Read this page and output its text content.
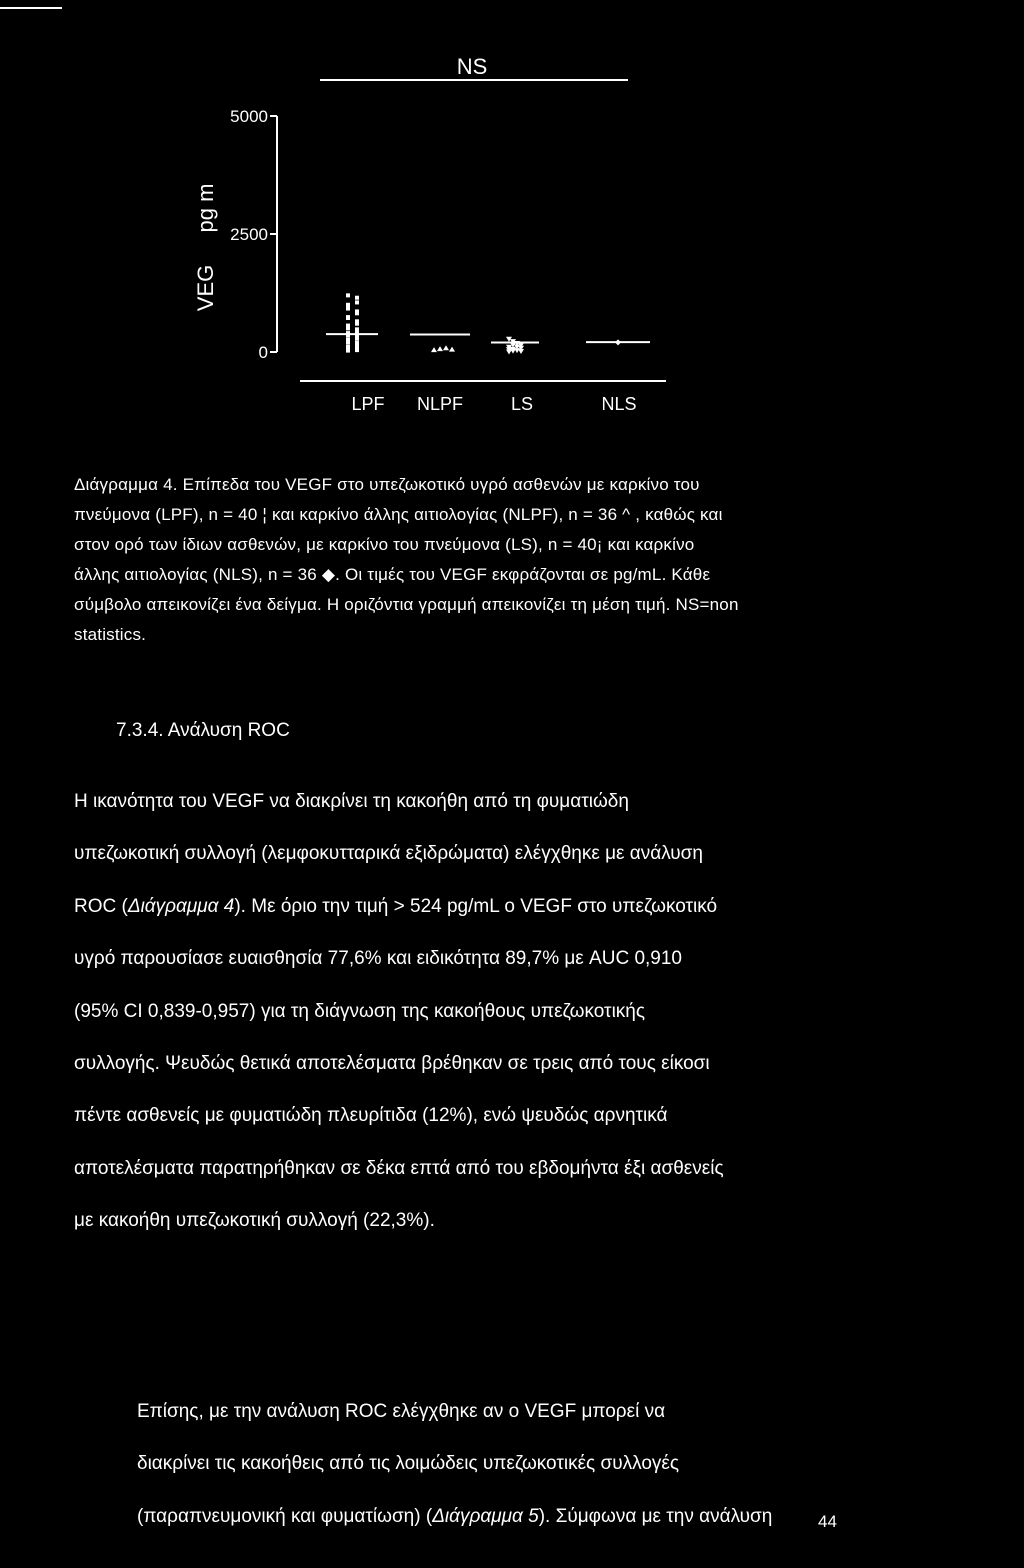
NS
5000
2500
0
VEG
pg m
LPF NLPF	LS	NLS

Διάγραμμα 4. Επίπεδα του VEGF στο υπεζωκοτικό υγρό ασθενών με καρκίνο του

πνεύμονα (LPF), n = 40 ¦ και καρκίνο άλλης αιτιολογίας (NLPF), n = 36 ^ , καθώς και

στον ορό των ίδιων ασθενών, με καρκίνο του πνεύμονα (LS), n = 40¡ και καρκίνο

άλλης αιτιολογίας (NLS), n = 36 ◆. Οι τιμές του VEGF εκφράζονται σε pg/mL. Κάθε

σύμβολο απεικονίζει ένα δείγμα. Η οριζόντια γραμμή απεικονίζει τη μέση τιμή. NS=non

statistics.

7.3.4. Ανάλυση ROC

Η ικανότητα του VEGF να διακρίνει τη κακοήθη από τη φυματιώδη

υπεζωκοτική συλλογή (λεμφοκυτταρικά εξιδρώματα) ελέγχθηκε με ανάλυση

ROC (Διάγραμμα 4). Με όριο την τιμή > 524 pg/mL ο VEGF στο υπεζωκοτικό

υγρό παρουσίασε ευαισθησία 77,6% και ειδικότητα 89,7% με AUC 0,910

(95% CI 0,839-0,957) για τη διάγνωση της κακοήθους υπεζωκοτικής

συλλογής. Ψευδώς θετικά αποτελέσματα βρέθηκαν σε τρεις από τους είκοσι

πέντε ασθενείς με φυματιώδη πλευρίτιδα (12%), ενώ ψευδώς αρνητικά

αποτελέσματα παρατηρήθηκαν σε δέκα επτά από του εβδομήντα έξι ασθενείς

με κακοήθη υπεζωκοτική συλλογή (22,3%).

Επίσης, με την ανάλυση ROC ελέγχθηκε αν ο VEGF μπορεί να

διακρίνει τις κακοήθεις από τις λοιμώδεις υπεζωκοτικές συλλογές

(παραπνευμονική και φυματίωση) (Διάγραμμα 5). Σύμφωνα με την ανάλυση	44
